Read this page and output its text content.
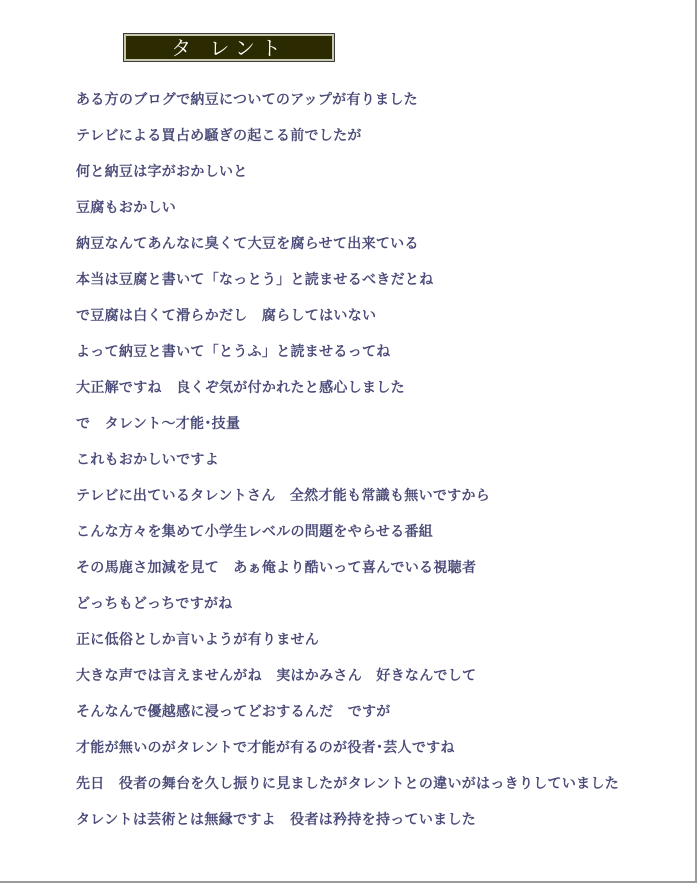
タ レント
ある方のブログで納豆についてのアップが有りました
テレビによる買占め騒ぎの起こる前でしたが
何と納豆は字がおかしいと
豆腐もおかしい
納豆なんてあんなに臭くて大豆を腐らせて出来ている
本当は豆腐と書いて「なっとう」と読ませるべきだとね
で豆腐は白くて滑らかだし　腐らしてはいない
よって納豆と書いて「とうふ」と読ませるってね
大正解ですね　良くぞ気が付かれたと感心しました
で　タレント～才能･技量
これもおかしいですよ
テレビに出ているタレントさん　全然才能も常識も無いですから
こんな方々を集めて小学生レベルの問題をやらせる番組
その馬鹿さ加減を見て　あぁ俺より酷いって喜んでいる視聴者
どっちもどっちですがね
正に低俗としか言いようが有りません
大きな声では言えませんがね　実はかみさん　好きなんでして
そんなんで優越感に浸ってどおするんだ　ですが
才能が無いのがタレントで才能が有るのが役者･芸人ですね
先日　役者の舞台を久し振りに見ましたがタレントとの違いがはっきりしていました
タレントは芸術とは無縁ですよ　役者は矜持を持っていました
